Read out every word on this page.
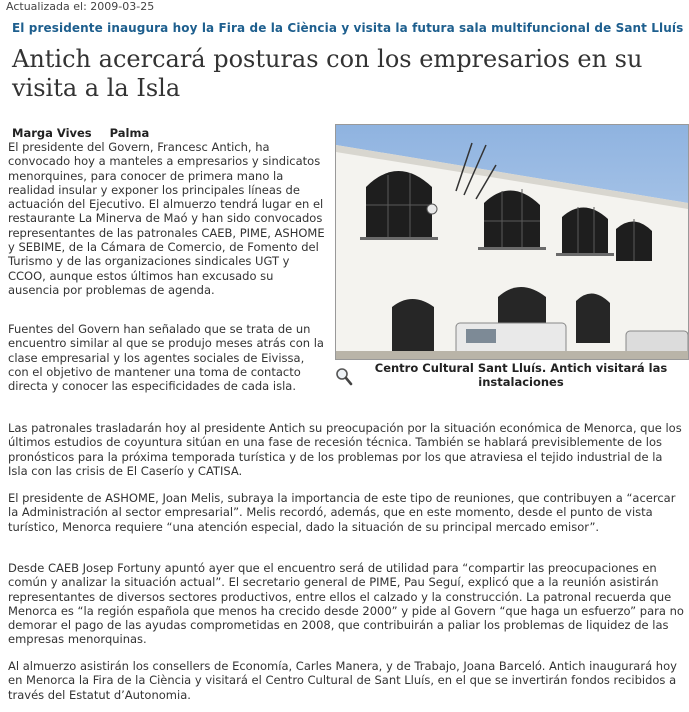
Actualizada el: 2009-03-25
El presidente inaugura hoy la Fira de la Ciència y visita la futura sala multifuncional de Sant Lluís
Antich acercará posturas con los empresarios en su visita a la Isla
Marga Vives Palma

El presidente del Govern, Francesc Antich, ha convocado hoy a manteles a empresarios y sindicatos menorquines, para conocer de primera mano la realidad insular y exponer los principales líneas de actuación del Ejecutivo. El almuerzo tendrá lugar en el restaurante La Minerva de Maó y han sido convocados representantes de las patronales CAEB, PIME, ASHOME y SEBIME, de la Cámara de Comercio, de Fomento del Turismo y de las organizaciones sindicales UGT y CCOO, aunque estos últimos han excusado su ausencia por problemas de agenda.

Fuentes del Govern han señalado que se trata de un encuentro similar al que se produjo meses atrás con la clase empresarial y los agentes sociales de Eivissa, con el objetivo de mantener una toma de contacto directa y conocer las especificidades de cada isla.

Centro Cultural Sant Lluís. Antich visitará las instalaciones

Las patronales trasladarán hoy al presidente Antich su preocupación por la situación económica de Menorca, que los últimos estudios de coyuntura sitúan en una fase de recesión técnica. También se hablará previsiblemente de los pronósticos para la próxima temporada turística y de los problemas por los que atraviesa el tejido industrial de la Isla con las crisis de El Caserío y CATISA.

El presidente de ASHOME, Joan Melis, subraya la importancia de este tipo de reuniones, que contribuyen a “acercar la Administración al sector empresarial”. Melis recordó, además, que en este momento, desde el punto de vista turístico, Menorca requiere “una atención especial, dado la situación de su principal mercado emisor”.

Desde CAEB Josep Fortuny apuntó ayer que el encuentro será de utilidad para “compartir las preocupaciones en común y analizar la situación actual”. El secretario general de PIME, Pau Seguí, explicó que a la reunión asistirán representantes de diversos sectores productivos, entre ellos el calzado y la construcción. La patronal recuerda que Menorca es “la región española que menos ha crecido desde 2000” y pide al Govern “que haga un esfuerzo” para no demorar el pago de las ayudas comprometidas en 2008, que contribuirán a paliar los problemas de liquidez de las empresas menorquinas.

Al almuerzo asistirán los consellers de Economía, Carles Manera, y de Trabajo, Joana Barceló. Antich inaugurará hoy en Menorca la Fira de la Ciència y visitará el Centro Cultural de Sant Lluís, en el que se invertirán fondos recibidos a través del Estatut d’Autonomia.
